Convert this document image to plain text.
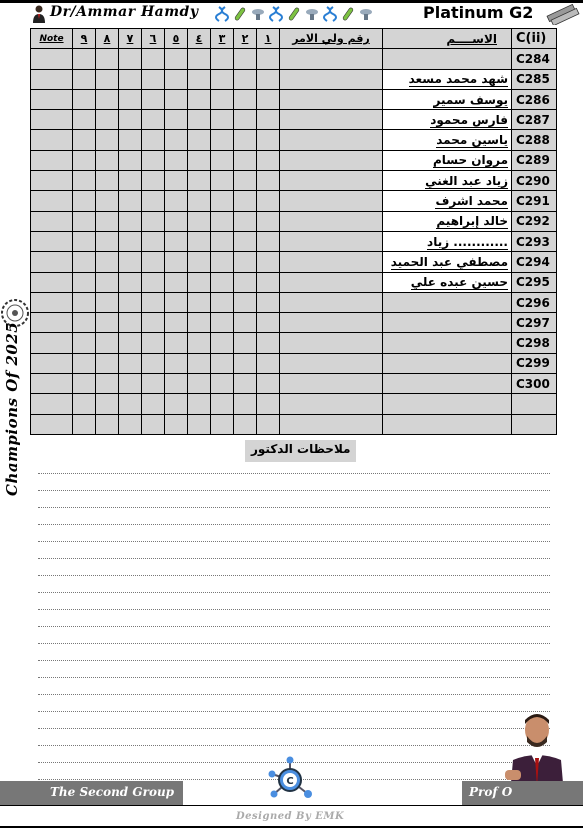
Dr/Ammar Hamdy	Platinum G2
Champions Of 2025
Note	٩	٨	٧	٦	٥	٤	٣	٢	١	رقم ولي الامر	الاســــم	C(ii)
												C284
											شهد محمد مسعد	C285
											يوسف سمير	C286
											فارس محمود	C287
											ياسين محمد	C288
											مروان حسام	C289
											زياد عبد الغني	C290
											محمد اشرف	C291
											خالد إبراهيم	C292
											زياد ............	C293
											مصطفي عبد الحميد	C294
											حسين عبده علي	C295
												C296
												C297
												C298
												C299
												C300

ملاحظات الدكتور
The Second Group	Prof O
C
Designed By EMK
